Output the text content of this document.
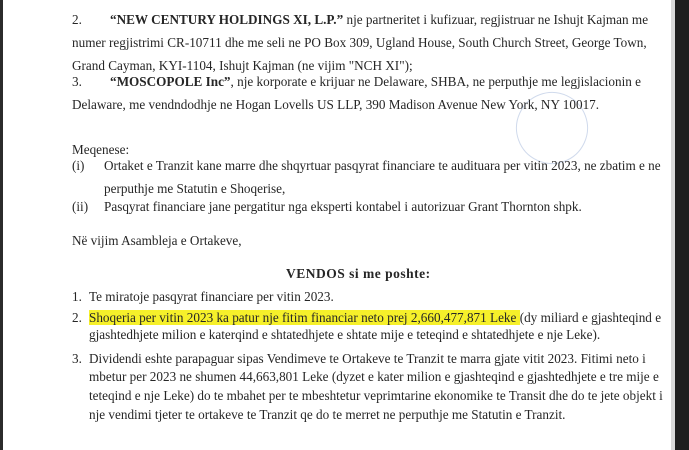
2. “NEW CENTURY HOLDINGS XI, L.P.” nje partneritet i kufizuar, regjistruar ne Ishujt Kajman me
numer regjistrimi CR-10711 dhe me seli ne PO Box 309, Ugland House, South Church Street, George Town,
Grand Cayman, KYI-1104, Ishujt Kajman (ne vijim "NCH XI");
3. “MOSCOPOLE Inc”, nje korporate e krijuar ne Delaware, SHBA, ne perputhje me legjislacionin e
Delaware, me vendndodhje ne Hogan Lovells US LLP, 390 Madison Avenue New York, NY 10017.
Meqenese:
(i) Ortaket e Tranzit kane marre dhe shqyrtuar pasqyrat financiare te audituara per vitin 2023, ne zbatim e ne
perputhje me Statutin e Shoqerise,
(ii) Pasqyrat financiare jane pergatitur nga eksperti kontabel i autorizuar Grant Thornton shpk.
Në vijim Asambleja e Ortakeve,
VENDOS si me poshte:
1. Te miratoje pasqyrat financiare per vitin 2023.
2. Shoqeria per vitin 2023 ka patur nje fitim financiar neto prej 2,660,477,871 Leke (dy miliard e gjashteqind e
gjashtedhjete milion e katerqind e shtatedhjete e shtate mije e teteqind e shtatedhjete e nje Leke).
3. Dividendi eshte parapaguar sipas Vendimeve te Ortakeve te Tranzit te marra gjate vitit 2023. Fitimi neto i
mbetur per 2023 ne shumen 44,663,801 Leke (dyzet e kater milion e gjashteqind e gjashtedhjete e tre mije e
teteqind e nje Leke) do te mbahet per te mbeshtetur veprimtarine ekonomike te Transit dhe do te jete objekt i
nje vendimi tjeter te ortakeve te Tranzit qe do te merret ne perputhje me Statutin e Tranzit.
